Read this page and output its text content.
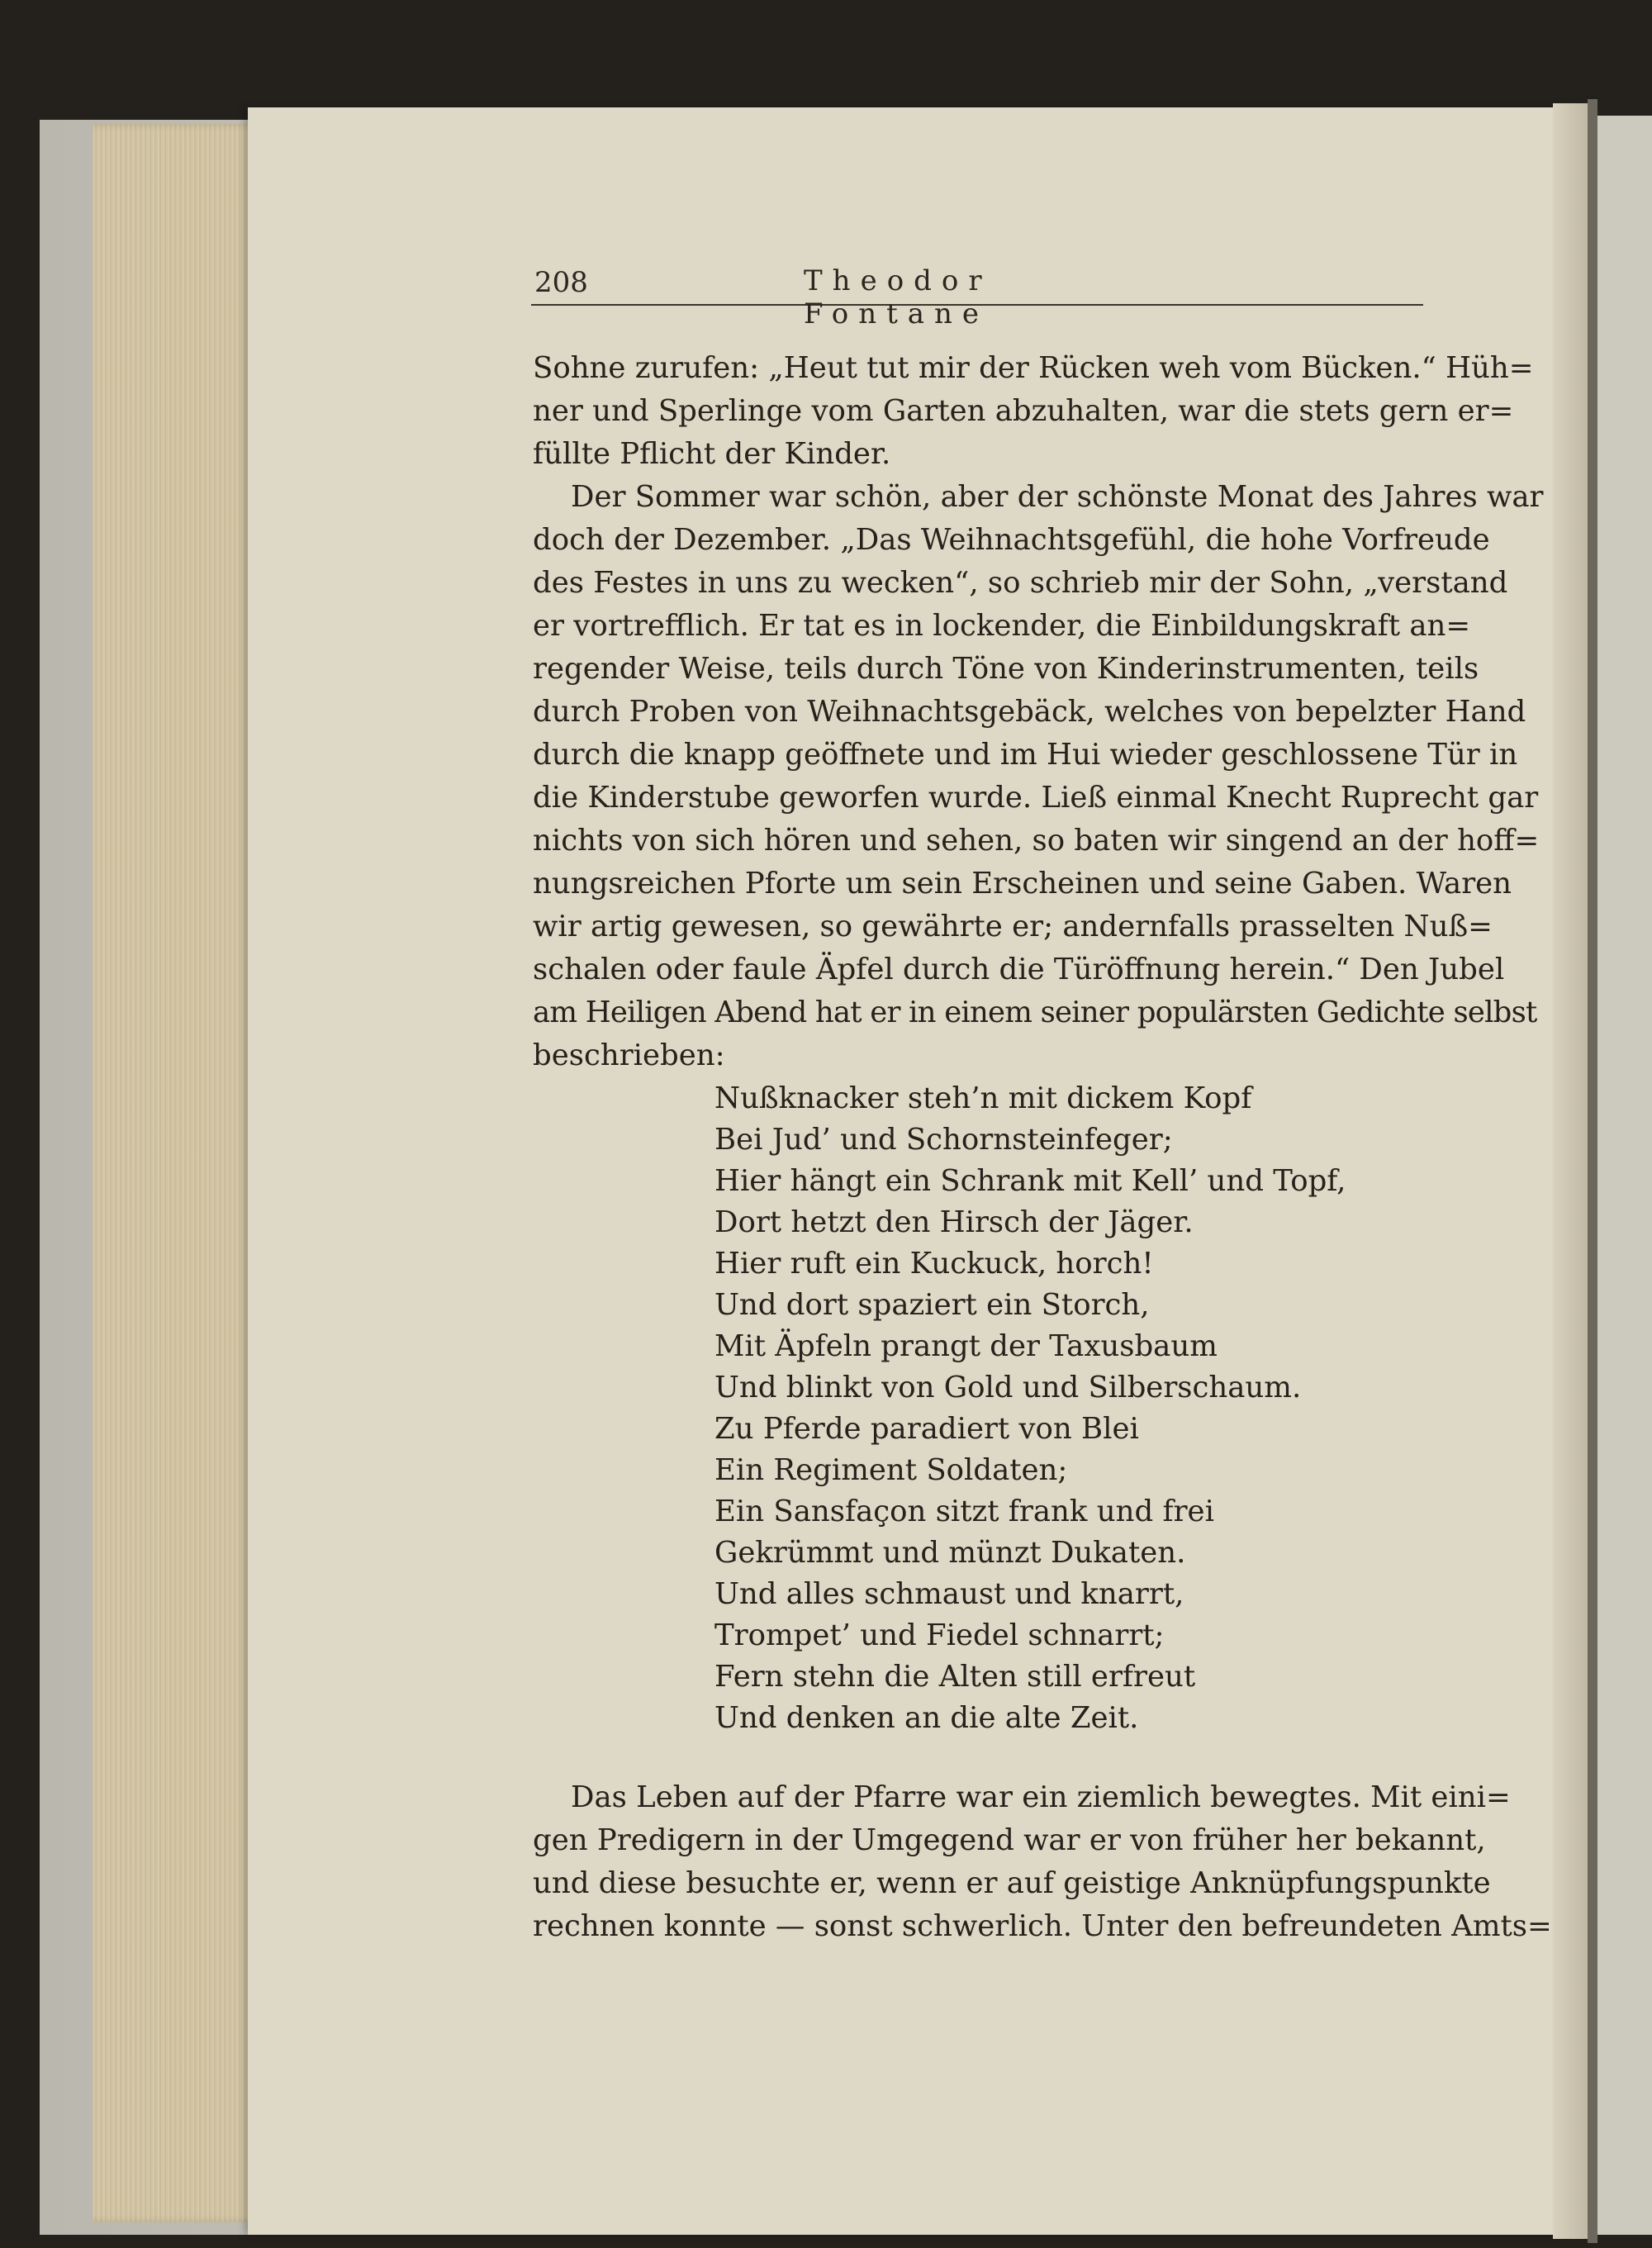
208	Theodor Fontane
Sohne zurufen: „Heut tut mir der Rücken weh vom Bücken.“ Hüh=
ner und Sperlinge vom Garten abzuhalten, war die stets gern er=
füllte Pflicht der Kinder.
Der Sommer war schön, aber der schönste Monat des Jahres war
doch der Dezember. „Das Weihnachtsgefühl, die hohe Vorfreude
des Festes in uns zu wecken“, so schrieb mir der Sohn, „verstand
er vortrefflich. Er tat es in lockender, die Einbildungskraft an=
regender Weise, teils durch Töne von Kinderinstrumenten, teils
durch Proben von Weihnachtsgebäck, welches von bepelzter Hand
durch die knapp geöffnete und im Hui wieder geschlossene Tür in
die Kinderstube geworfen wurde. Ließ einmal Knecht Ruprecht gar
nichts von sich hören und sehen, so baten wir singend an der hoff=
nungsreichen Pforte um sein Erscheinen und seine Gaben. Waren
wir artig gewesen, so gewährte er; andernfalls prasselten Nuß=
schalen oder faule Äpfel durch die Türöffnung herein.“ Den Jubel
am Heiligen Abend hat er in einem seiner populärsten Gedichte selbst
beschrieben:
Nußknacker steh’n mit dickem Kopf
Bei Jud’ und Schornsteinfeger;
Hier hängt ein Schrank mit Kell’ und Topf,
Dort hetzt den Hirsch der Jäger.
Hier ruft ein Kuckuck, horch!
Und dort spaziert ein Storch,
Mit Äpfeln prangt der Taxusbaum
Und blinkt von Gold und Silberschaum.
Zu Pferde paradiert von Blei
Ein Regiment Soldaten;
Ein Sansfaçon sitzt frank und frei
Gekrümmt und münzt Dukaten.
Und alles schmaust und knarrt,
Trompet’ und Fiedel schnarrt;
Fern stehn die Alten still erfreut
Und denken an die alte Zeit.
Das Leben auf der Pfarre war ein ziemlich bewegtes. Mit eini=
gen Predigern in der Umgegend war er von früher her bekannt,
und diese besuchte er, wenn er auf geistige Anknüpfungspunkte
rechnen konnte — sonst schwerlich. Unter den befreundeten Amts=
